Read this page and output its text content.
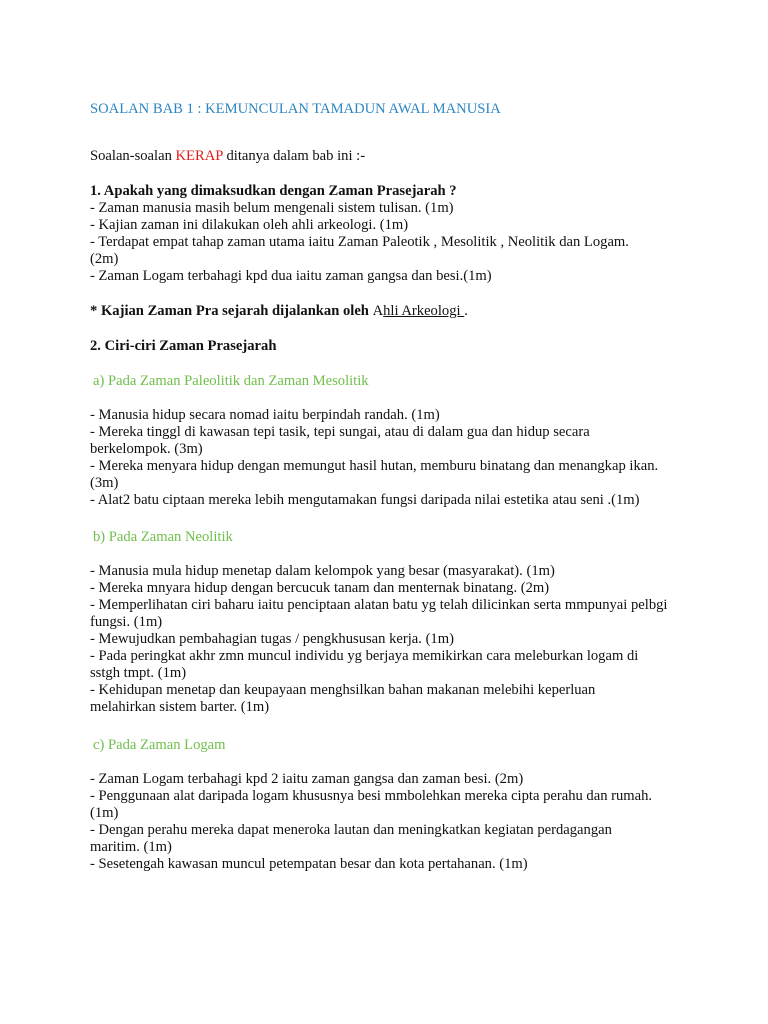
SOALAN BAB 1 : KEMUNCULAN TAMADUN AWAL MANUSIA
Soalan-soalan KERAP ditanya dalam bab ini :-
1. Apakah yang dimaksudkan dengan Zaman Prasejarah ?
- Zaman manusia masih belum mengenali sistem tulisan. (1m)
- Kajian zaman ini dilakukan oleh ahli arkeologi. (1m)
- Terdapat empat tahap zaman utama iaitu Zaman Paleotik , Mesolitik , Neolitik dan Logam. (2m)
- Zaman Logam terbahagi kpd dua iaitu zaman gangsa dan besi.(1m)
* Kajian Zaman Pra sejarah dijalankan oleh Ahli Arkeologi .
2. Ciri-ciri Zaman Prasejarah
a) Pada Zaman Paleolitik dan Zaman Mesolitik
- Manusia hidup secara nomad iaitu berpindah randah. (1m)
- Mereka tinggl di kawasan tepi tasik, tepi sungai, atau di dalam gua dan hidup secara berkelompok. (3m)
- Mereka menyara hidup dengan memungut hasil hutan, memburu binatang dan menangkap ikan. (3m)
- Alat2 batu ciptaan mereka lebih mengutamakan fungsi daripada nilai estetika atau seni .(1m)
b) Pada Zaman Neolitik
- Manusia mula hidup menetap dalam kelompok yang besar (masyarakat). (1m)
- Mereka mnyara hidup dengan bercucuk tanam dan menternak binatang. (2m)
- Memperlihatan ciri baharu iaitu penciptaan alatan batu yg telah dilicinkan serta mmpunyai pelbgi fungsi. (1m)
- Mewujudkan pembahagian tugas / pengkhususan kerja. (1m)
- Pada peringkat akhr zmn muncul individu yg berjaya memikirkan cara meleburkan logam di sstgh tmpt. (1m)
- Kehidupan menetap dan keupayaan menghsilkan bahan makanan melebihi keperluan melahirkan sistem barter. (1m)
c) Pada Zaman Logam
- Zaman Logam terbahagi kpd 2 iaitu zaman gangsa dan zaman besi. (2m)
- Penggunaan alat daripada logam khususnya besi mmbolehkan mereka cipta perahu dan rumah. (1m)
- Dengan perahu mereka dapat meneroka lautan dan meningkatkan kegiatan perdagangan maritim. (1m)
- Sesetengah kawasan muncul petempatan besar dan kota pertahanan. (1m)
